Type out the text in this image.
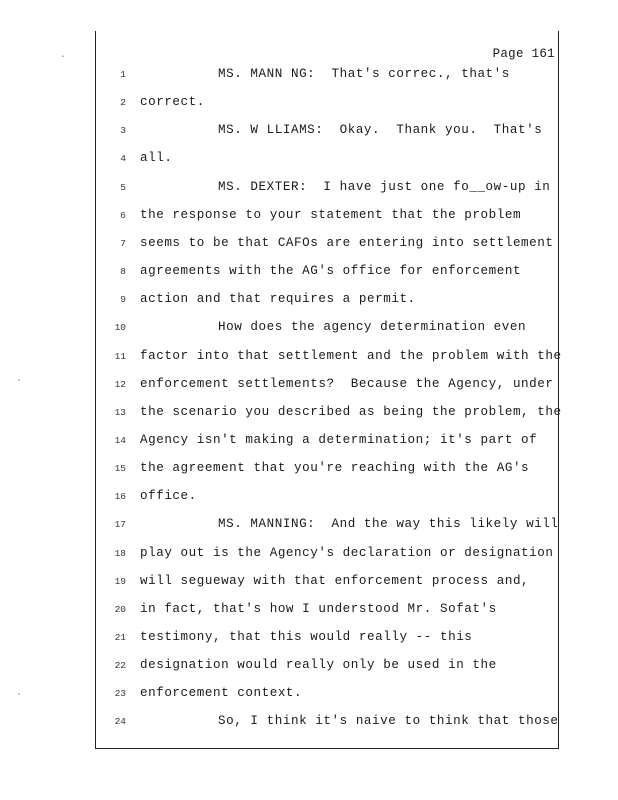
Page 161
1	MS. MANN NG:  That's correc., that's
2 correct.
3	MS. W LLIAMS:  Okay.  Thank you.  That's
4 all.
5	MS. DEXTER:  I have just one fo__ow-up in
6 the response to your statement that the problem
7 seems to be that CAFOs are entering into settlement
8 agreements with the AG's office for enforcement
9 action and that requires a permit.
10	How does the agency determination even
11 factor into that settlement and the problem with the
12 enforcement settlements?  Because the Agency, under
13 the scenario you described as being the problem, the
14 Agency isn't making a determination; it's part of
15 the agreement that you're reaching with the AG's
16 office.
17	MS. MANNING:  And the way this likely will
18 play out is the Agency's declaration or designation
19 will segueway with that enforcement process and,
20 in fact, that's how I understood Mr. Sofat's
21 testimony, that this would really -- this
22 designation would really only be used in the
23 enforcement context.
24	So, I think it's naive to think that those
·
·
·
